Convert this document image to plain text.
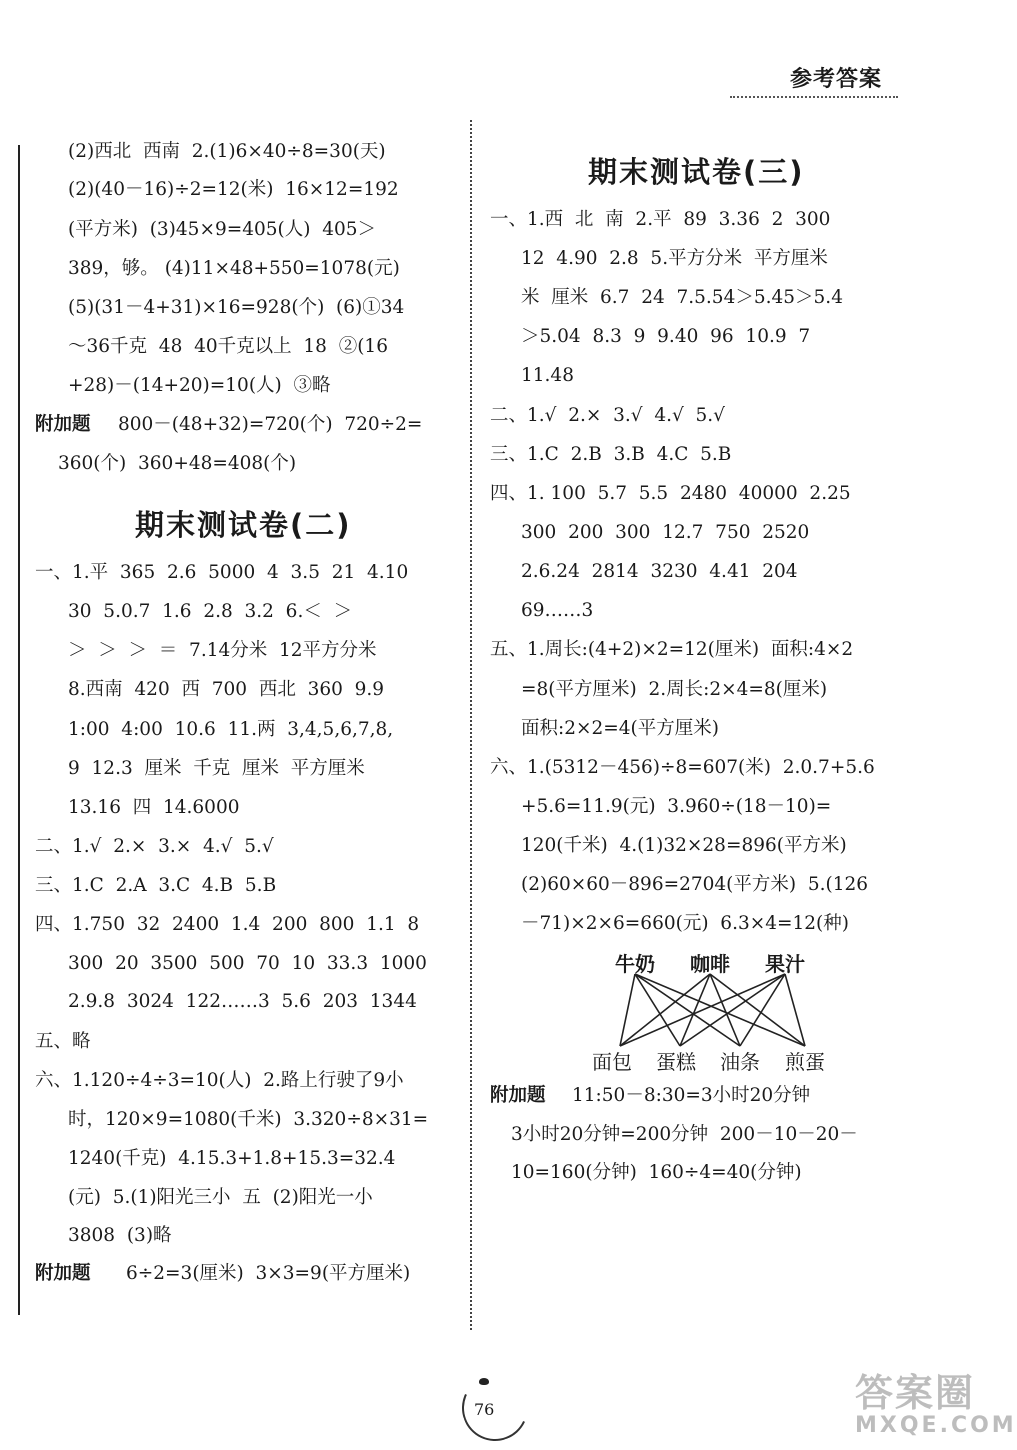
参考答案
(2)西北  西南  2.(1)6×40÷8=30(天)
(2)(40－16)÷2=12(米)  16×12=192
(平方米)  (3)45×9=405(人)  405＞
389，够。 (4)11×48+550=1078(元)
(5)(31－4+31)×16=928(个)  (6)①34
～36千克  48  40千克以上  18  ②(16
+28)－(14+20)=10(人)  ③略
附加题 800－(48+32)=720(个)  720÷2=
360(个)  360+48=408(个)
期末测试卷(二)
一、1.平  365  2.6  5000  4  3.5  21  4.10
30  5.0.7  1.6  2.8  3.2  6.＜  ＞
＞  ＞  ＞  ＝  7.14分米  12平方分米
8.西南  420  西  700  西北  360  9.9
1:00  4:00  10.6  11.两  3,4,5,6,7,8,
9  12.3  厘米  千克  厘米  平方厘米
13.16  四  14.6000
二、1.√  2.×  3.×  4.√  5.√
三、1.C  2.A  3.C  4.B  5.B
四、1.750  32  2400  1.4  200  800  1.1  8
300  20  3500  500  70  10  33.3  1000
2.9.8  3024  122……3  5.6  203  1344
五、略
六、1.120÷4÷3=10(人)  2.路上行驶了9小
时，120×9=1080(千米)  3.320÷8×31=
1240(千克)  4.15.3+1.8+15.3=32.4
(元)  5.(1)阳光三小  五  (2)阳光一小
3808  (3)略
附加题 6÷2=3(厘米)  3×3=9(平方厘米)
期末测试卷(三)
一、1.西  北  南  2.平  89  3.36  2  300
12  4.90  2.8  5.平方分米  平方厘米
米  厘米  6.7  24  7.5.54＞5.45＞5.4
＞5.04  8.3  9  9.40  96  10.9  7
11.48
二、1.√  2.×  3.√  4.√  5.√
三、1.C  2.B  3.B  4.C  5.B
四、1. 100  5.7  5.5  2480  40000  2.25
300  200  300  12.7  750  2520
2.6.24  2814  3230  4.41  204
69……3
五、1.周长:(4+2)×2=12(厘米)  面积:4×2
=8(平方厘米)  2.周长:2×4=8(厘米)
面积:2×2=4(平方厘米)
六、1.(5312－456)÷8=607(米)  2.0.7+5.6
+5.6=11.9(元)  3.960÷(18－10)=
120(千米)  4.(1)32×28=896(平方米)
(2)60×60－896=2704(平方米)  5.(126
－71)×2×6=660(元)  6.3×4=12(种)
牛奶 咖啡 果汁
面包 蛋糕 油条 煎蛋
附加题 11:50－8:30=3小时20分钟
3小时20分钟=200分钟  200－10－20－
10=160(分钟)  160÷4=40(分钟)
76	答案圈
MXQE.COM
